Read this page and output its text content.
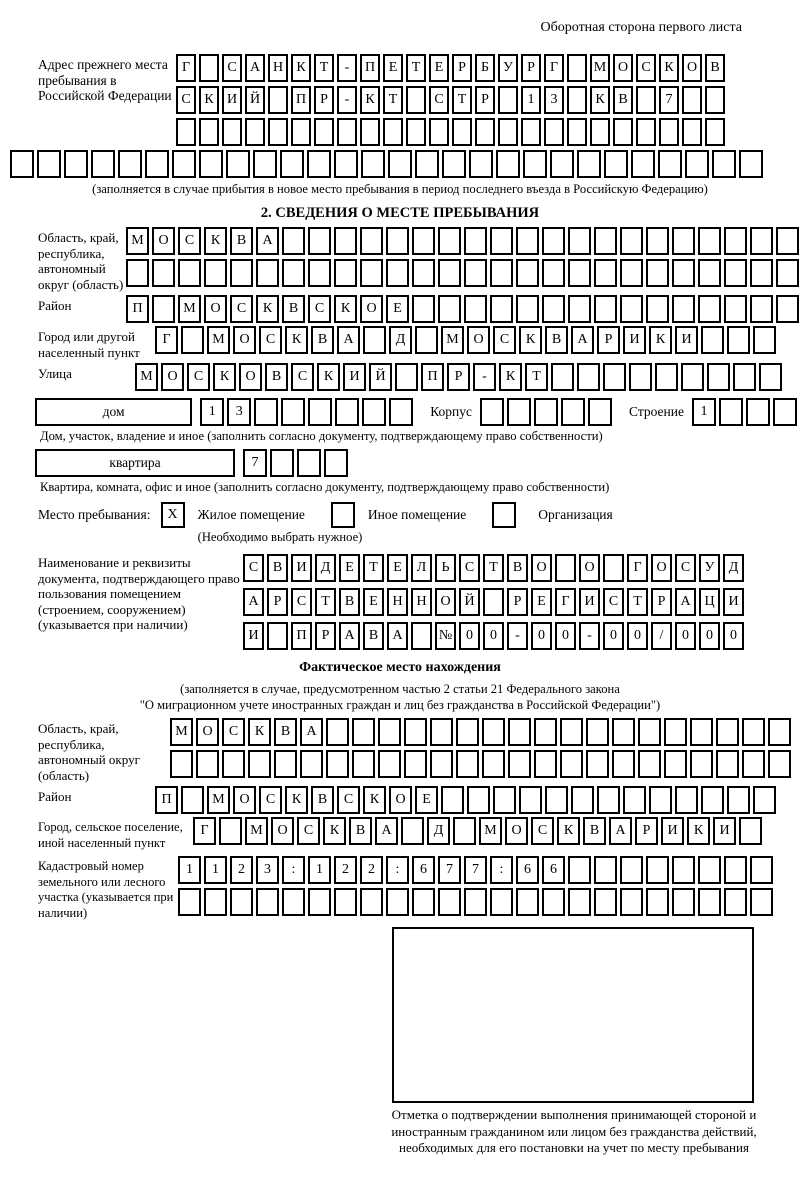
Оборотная сторона первого листа
Адрес прежнего места пребывания в Российской Федерации
Г	С А Н К	Т	-	П Е	Т	Е	Р	Б	У	Р	Г	М О С К О В
С К И Й	П	Р	-	К	Т	С	Т	Р	1	3	К В	7
(заполняется в случае прибытия в новое место пребывания в период последнего въезда в Российскую Федерацию)
2. СВЕДЕНИЯ О МЕСТЕ ПРЕБЫВАНИЯ
Область, край, республика, автономный округ (область)
М	О	С	К	В	А
Район	П	М	О	С	К	В	С	К	О	Е
Город или другой населенный пункт
Г	М	О	С	К	В	А	Д	М	О	С	К	В	А	Р	И	К	И
Улица	М	О	С	К	О	В	С	К	И	Й	П	Р	-	К	Т
дом	1	3	Корпус	Строение	1
Дом, участок, владение и иное (заполнить согласно документу, подтверждающему право собственности)
квартира	7
Квартира, комната, офис и иное (заполнить согласно документу, подтверждающему право собственности)
Место пребывания:	X	Жилое помещение	Иное помещение	Организация
(Необходимо выбрать нужное)
Наименование и реквизиты документа, подтверждающего право пользования помещением (строением, сооружением) (указывается при наличии)
С	В	И	Д	Е	Т	Е	Л	Ь	С	Т	В	О	О	Г	О	С	У	Д
А	Р	С	Т	В	Е	Н Н О Й	Р	Е	Г	И	С	Т	Р	А Ц И
И	П	Р	А	В	А	№ 0	0	-	0	0	-	0	0	/	0	0	0
Фактическое место нахождения
(заполняется в случае, предусмотренном частью 2 статьи 21 Федерального закона
"О миграционном учете иностранных граждан и лиц без гражданства в Российской Федерации")
Область, край, республика, автономный округ (область)
М	О	С	К	В	А
Район	П	М	О	С	К	В	С	К	О	Е
Город, сельское поселение, иной населенный пункт
Г	М	О	С	К	В	А	Д	М	О	С	К	В	А	Р	И	К	И
Кадастровый номер земельного или лесного участка (указывается при наличии)
1	1	2	3	:	1	2	2	:	6	7	7	:	6	6
Отметка о подтверждении выполнения принимающей стороной и иностранным гражданином или лицом без гражданства действий, необходимых для его постановки на учет по месту пребывания
